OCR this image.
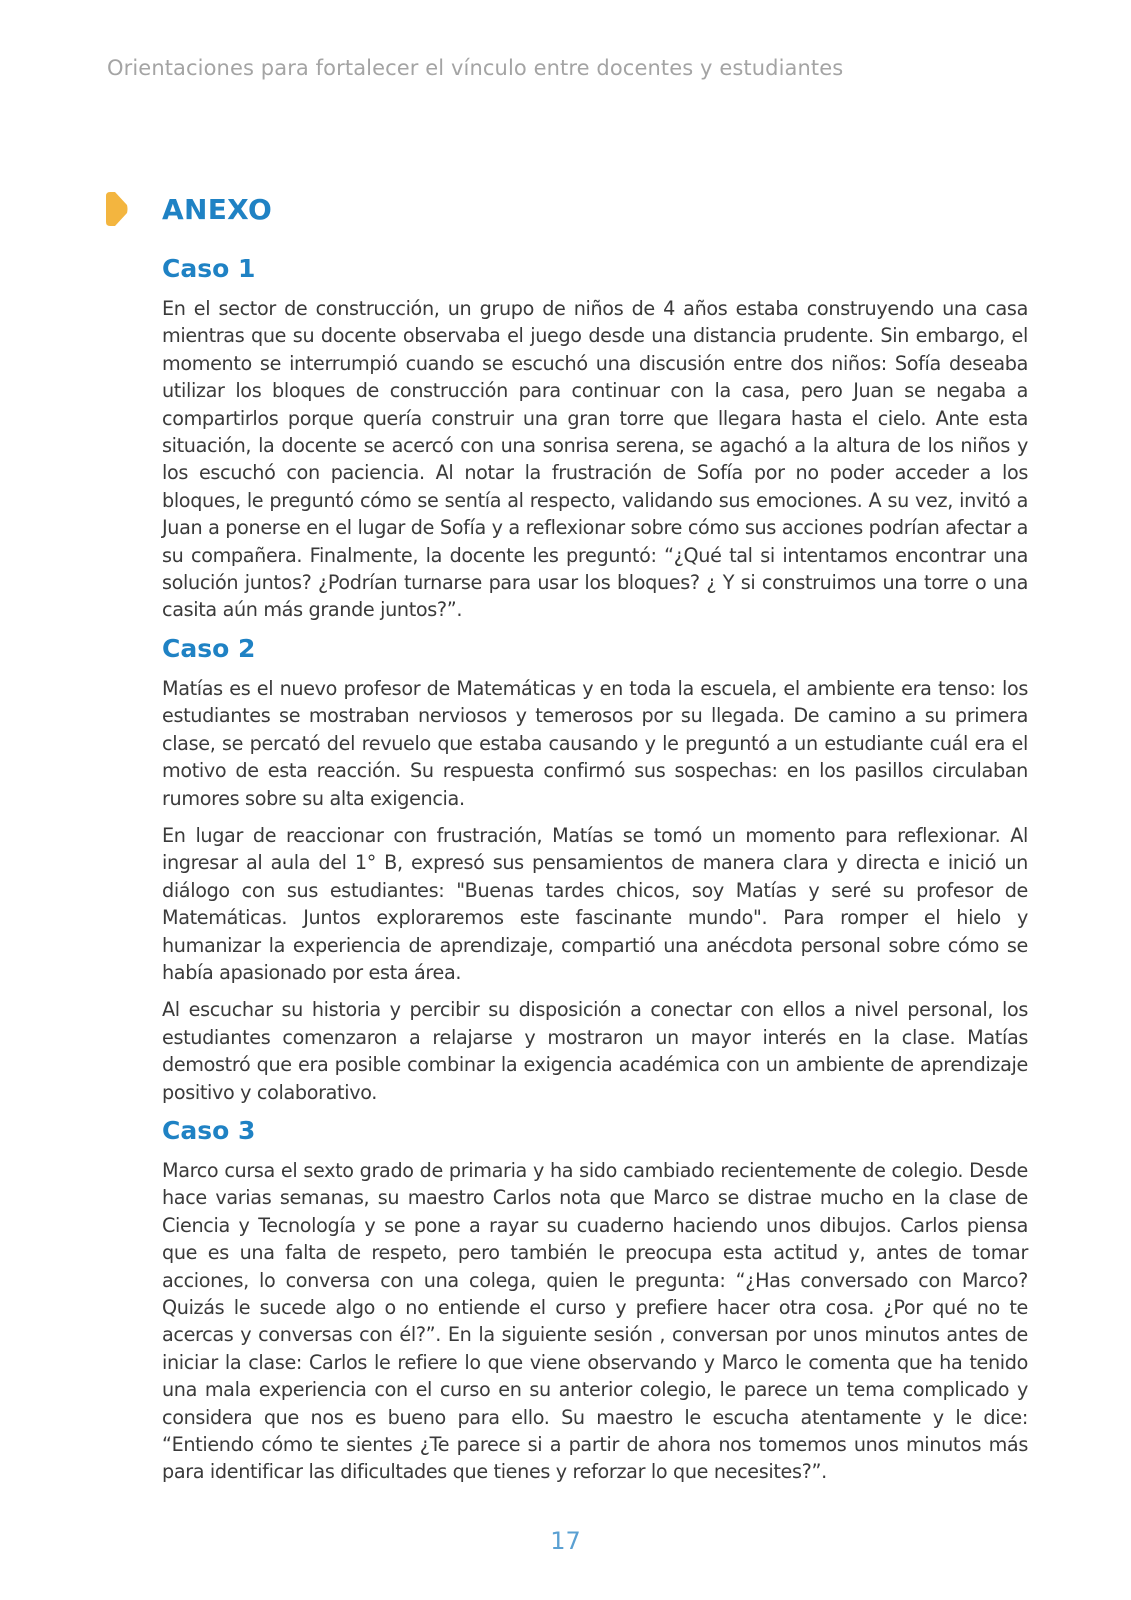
Orientaciones para fortalecer el vínculo entre docentes y estudiantes
ANEXO
Caso 1

En el sector de construcción, un grupo de niños de 4 años estaba construyendo una casa mientras que su docente observaba el juego desde una distancia prudente. Sin embargo, el momento se interrumpió cuando se escuchó una discusión entre dos niños: Sofía deseaba utilizar los bloques de construcción para continuar con la casa, pero Juan se negaba a compartirlos porque quería construir una gran torre que llegara hasta el cielo. Ante esta situación, la docente se acercó con una sonrisa serena, se agachó a la altura de los niños y los escuchó con paciencia. Al notar la frustración de Sofía por no poder acceder a los bloques, le preguntó cómo se sentía al respecto, validando sus emociones. A su vez, invitó a Juan a ponerse en el lugar de Sofía y a reflexionar sobre cómo sus acciones podrían afectar a su compañera. Finalmente, la docente les preguntó: “¿Qué tal si intentamos encontrar una solución juntos? ¿Podrían turnarse para usar los bloques? ¿ Y si construimos una torre o una casita aún más grande juntos?”.

Caso 2

Matías es el nuevo profesor de Matemáticas y en toda la escuela, el ambiente era tenso: los estudiantes se mostraban nerviosos y temerosos por su llegada. De camino a su primera clase, se percató del revuelo que estaba causando y le preguntó a un estudiante cuál era el motivo de esta reacción. Su respuesta confirmó sus sospechas: en los pasillos circulaban rumores sobre su alta exigencia.

En lugar de reaccionar con frustración, Matías se tomó un momento para reflexionar. Al ingresar al aula del 1° B, expresó sus pensamientos de manera clara y directa e inició un diálogo con sus estudiantes: "Buenas tardes chicos, soy Matías y seré su profesor de Matemáticas. Juntos exploraremos este fascinante mundo". Para romper el hielo y humanizar la experiencia de aprendizaje, compartió una anécdota personal sobre cómo se había apasionado por esta área.

Al escuchar su historia y percibir su disposición a conectar con ellos a nivel personal, los estudiantes comenzaron a relajarse y mostraron un mayor interés en la clase. Matías demostró que era posible combinar la exigencia académica con un ambiente de aprendizaje positivo y colaborativo.

Caso 3

Marco cursa el sexto grado de primaria y ha sido cambiado recientemente de colegio. Desde hace varias semanas, su maestro Carlos nota que Marco se distrae mucho en la clase de Ciencia y Tecnología y se pone a rayar su cuaderno haciendo unos dibujos. Carlos piensa que es una falta de respeto, pero también le preocupa esta actitud y, antes de tomar acciones, lo conversa con una colega, quien le pregunta: “¿Has conversado con Marco? Quizás le sucede algo o no entiende el curso y prefiere hacer otra cosa. ¿Por qué no te acercas y conversas con él?”. En la siguiente sesión , conversan por unos minutos antes de iniciar la clase: Carlos le refiere lo que viene observando y Marco le comenta que ha tenido una mala experiencia con el curso en su anterior colegio, le parece un tema complicado y considera que nos es bueno para ello. Su maestro le escucha atentamente y le dice: “Entiendo cómo te sientes ¿Te parece si a partir de ahora nos tomemos unos minutos más para identificar las dificultades que tienes y reforzar lo que necesites?”.

17
